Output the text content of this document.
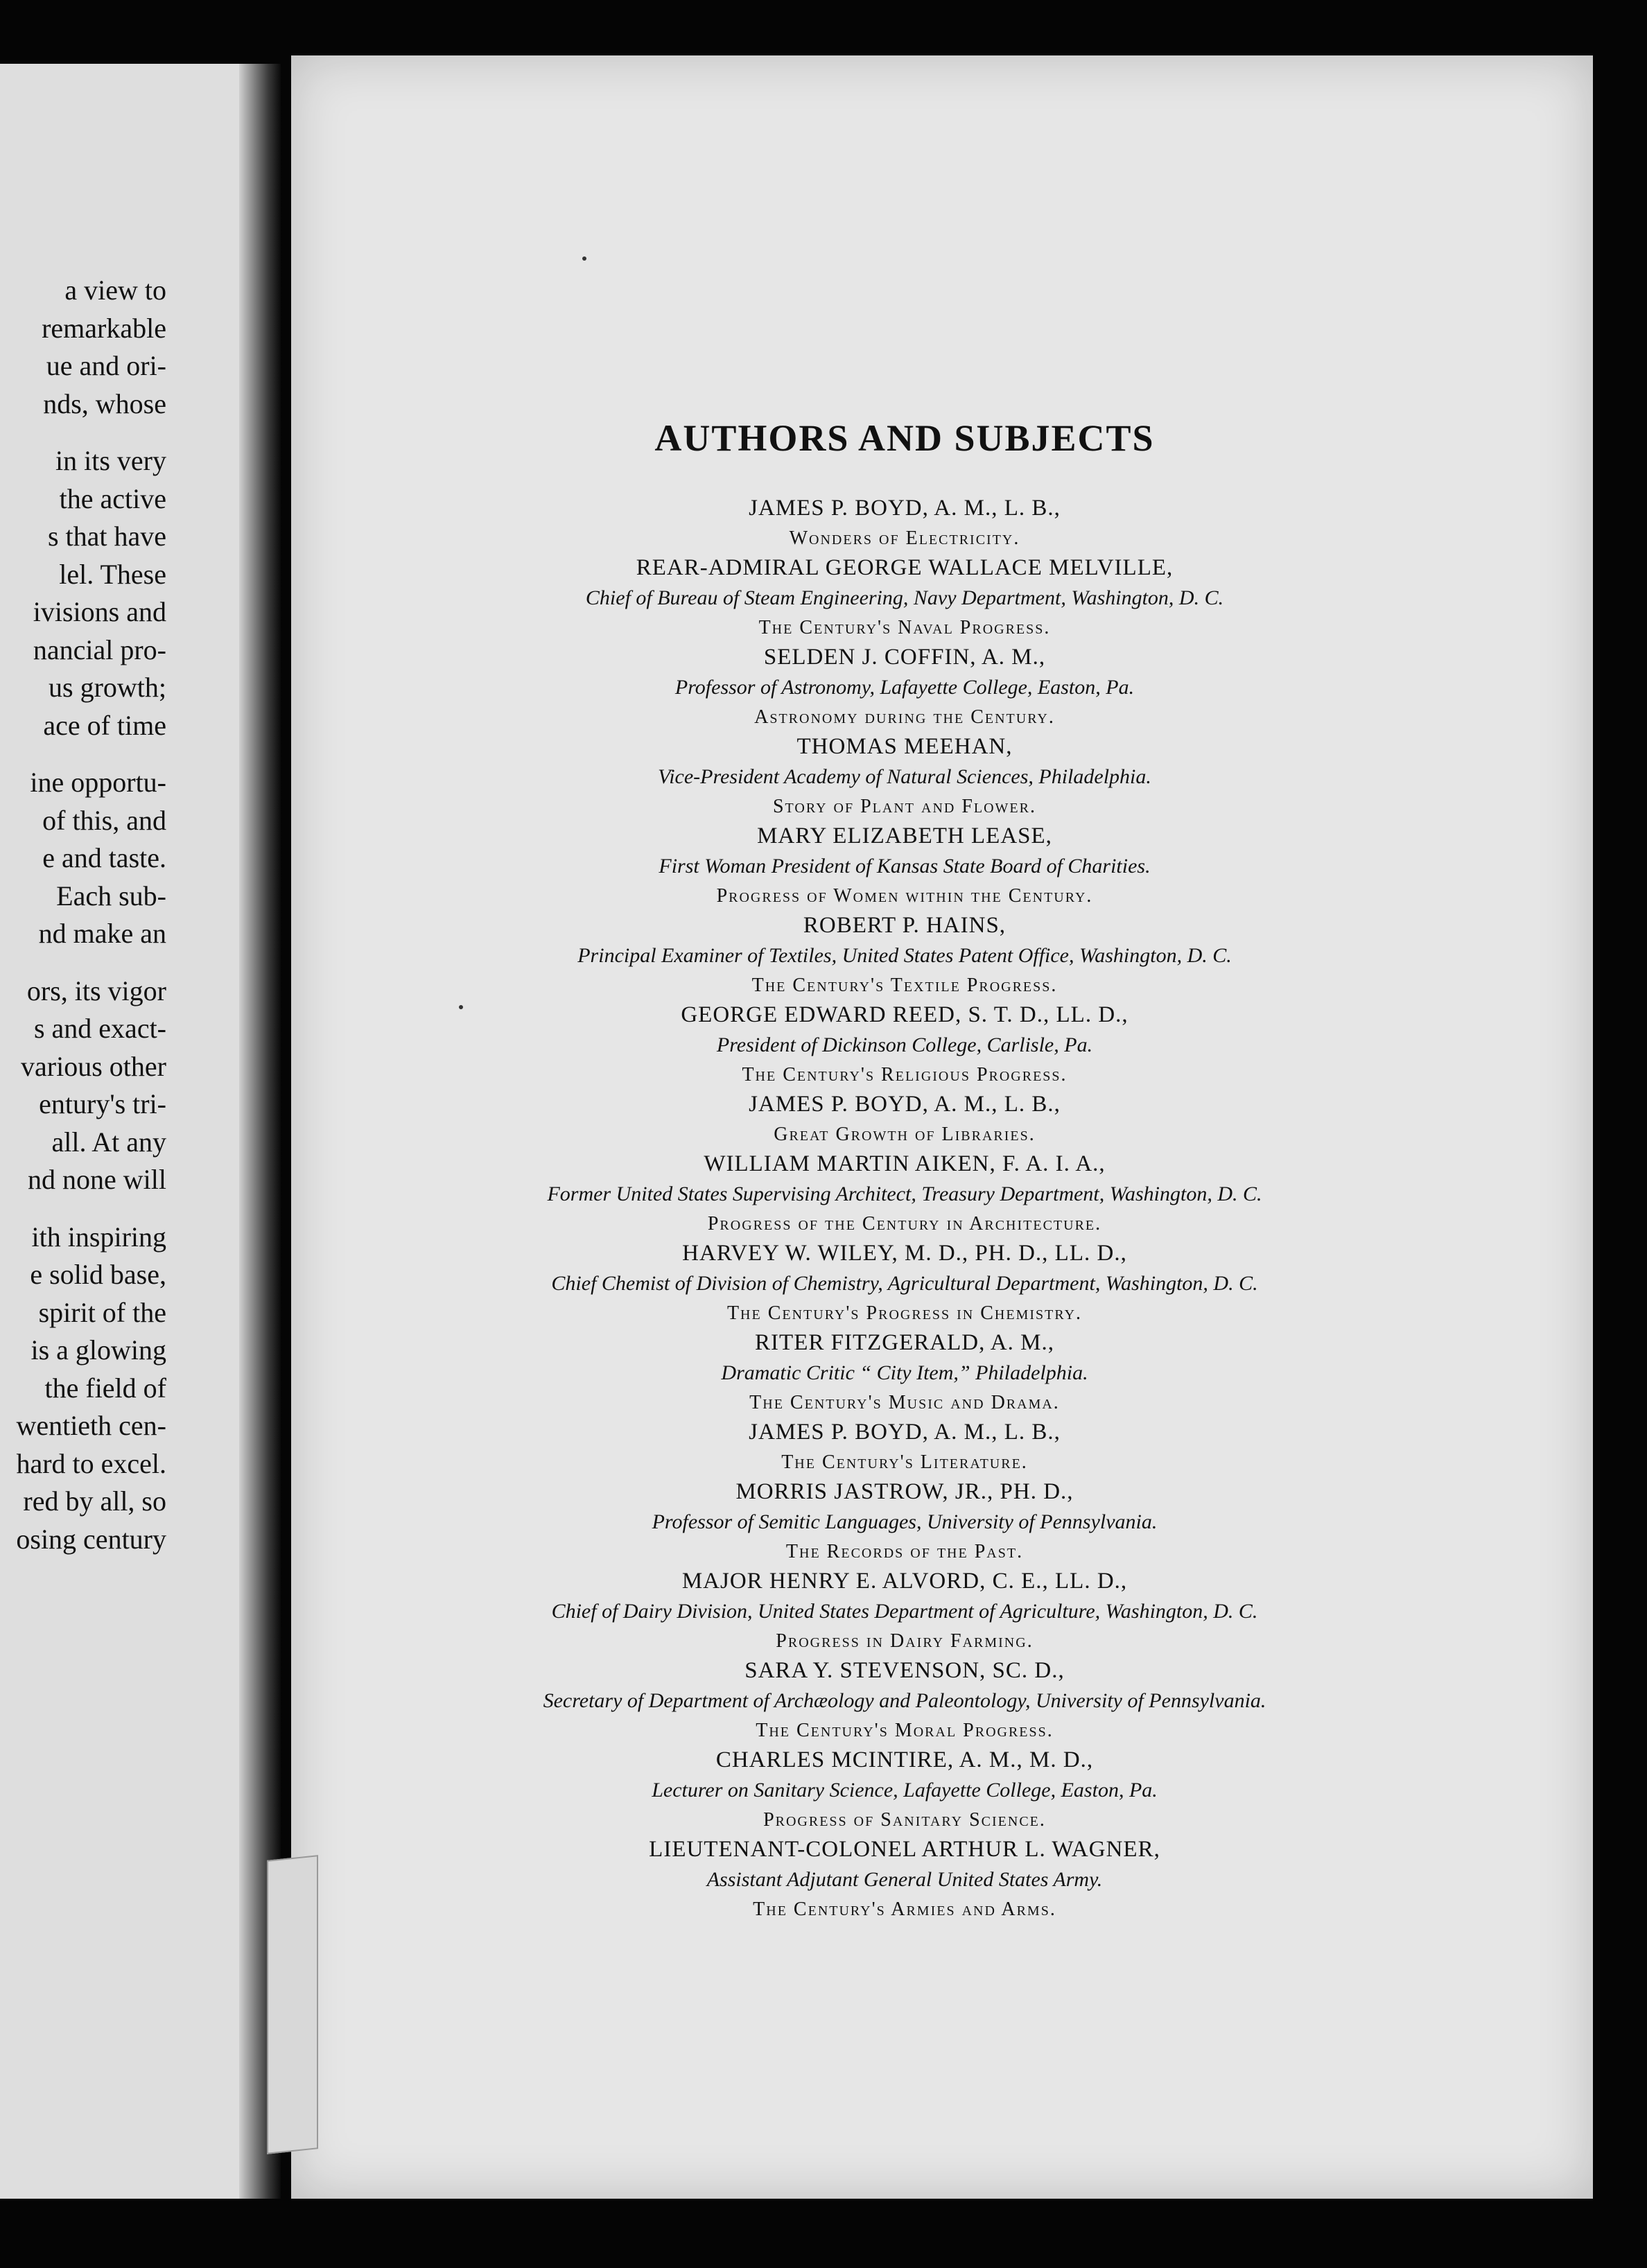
a view to
remarkable
ue and ori-
nds, whose
in its very
the active
s that have
lel. These
ivisions and
nancial pro-
us growth;
ace of time
ine opportu-
of this, and
e and taste.
Each sub-
nd make an
ors, its vigor
s and exact-
various other
entury's tri-
all. At any
nd none will
ith inspiring
e solid base,
spirit of the
is a glowing
the field of
wentieth cen-
hard to excel.
red by all, so
osing century
AUTHORS AND SUBJECTS
JAMES P. BOYD, A. M., L. B.,
Wonders of Electricity.
REAR-ADMIRAL GEORGE WALLACE MELVILLE,
Chief of Bureau of Steam Engineering, Navy Department, Washington, D. C.
The Century's Naval Progress.
SELDEN J. COFFIN, A. M.,
Professor of Astronomy, Lafayette College, Easton, Pa.
Astronomy during the Century.
THOMAS MEEHAN,
Vice-President Academy of Natural Sciences, Philadelphia.
Story of Plant and Flower.
MARY ELIZABETH LEASE,
First Woman President of Kansas State Board of Charities.
Progress of Women within the Century.
ROBERT P. HAINS,
Principal Examiner of Textiles, United States Patent Office, Washington, D. C.
The Century's Textile Progress.
GEORGE EDWARD REED, S. T. D., LL. D.,
President of Dickinson College, Carlisle, Pa.
The Century's Religious Progress.
JAMES P. BOYD, A. M., L. B.,
Great Growth of Libraries.
WILLIAM MARTIN AIKEN, F. A. I. A.,
Former United States Supervising Architect, Treasury Department, Washington, D. C.
Progress of the Century in Architecture.
HARVEY W. WILEY, M. D., PH. D., LL. D.,
Chief Chemist of Division of Chemistry, Agricultural Department, Washington, D. C.
The Century's Progress in Chemistry.
RITER FITZGERALD, A. M.,
Dramatic Critic “ City Item,” Philadelphia.
The Century's Music and Drama.
JAMES P. BOYD, A. M., L. B.,
The Century's Literature.
MORRIS JASTROW, JR., PH. D.,
Professor of Semitic Languages, University of Pennsylvania.
The Records of the Past.
MAJOR HENRY E. ALVORD, C. E., LL. D.,
Chief of Dairy Division, United States Department of Agriculture, Washington, D. C.
Progress in Dairy Farming.
SARA Y. STEVENSON, SC. D.,
Secretary of Department of Archæology and Paleontology, University of Pennsylvania.
The Century's Moral Progress.
CHARLES MCINTIRE, A. M., M. D.,
Lecturer on Sanitary Science, Lafayette College, Easton, Pa.
Progress of Sanitary Science.
LIEUTENANT-COLONEL ARTHUR L. WAGNER,
Assistant Adjutant General United States Army.
The Century's Armies and Arms.
